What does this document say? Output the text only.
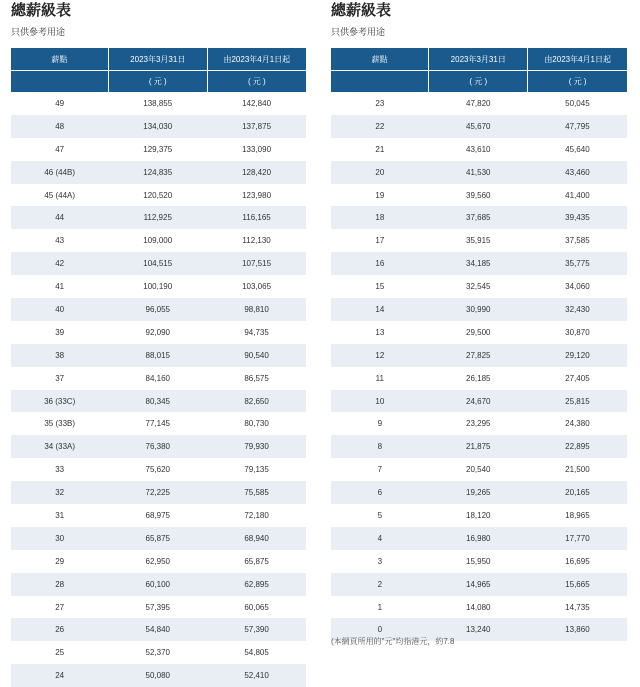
總薪級表
只供參考用途
薪點	2023年3月31日	由2023年4月1日起
	( 元 )	( 元 )
49	138,855	142,840
48	134,030	137,875
47	129,375	133,090
46 (44B)	124,835	128,420
45 (44A)	120,520	123,980
44	112,925	116,165
43	109,000	112,130
42	104,515	107,515
41	100,190	103,065
40	96,055	98,810
39	92,090	94,735
38	88,015	90,540
37	84,160	86,575
36 (33C)	80,345	82,650
35 (33B)	77,145	80,730
34 (33A)	76,380	79,930
33	75,620	79,135
32	72,225	75,585
31	68,975	72,180
30	65,875	68,940
29	62,950	65,875
28	60,100	62,895
27	57,395	60,065
26	54,840	57,390
25	52,370	54,805
24	50,080	52,410
總薪級表
只供參考用途
薪點	2023年3月31日	由2023年4月1日起
	( 元 )	( 元 )
23	47,820	50,045
22	45,670	47,795
21	43,610	45,640
20	41,530	43,460
19	39,560	41,400
18	37,685	39,435
17	35,915	37,585
16	34,185	35,775
15	32,545	34,060
14	30,990	32,430
13	29,500	30,870
12	27,825	29,120
11	26,185	27,405
10	24,670	25,815
9	23,295	24,380
8	21,875	22,895
7	20,540	21,500
6	19,265	20,165
5	18,120	18,965
4	16,980	17,770
3	15,950	16,695
2	14,965	15,665
1	14,080	14,735
0	13,240	13,860
(本網頁所用的"元"均指港元，約7.8
